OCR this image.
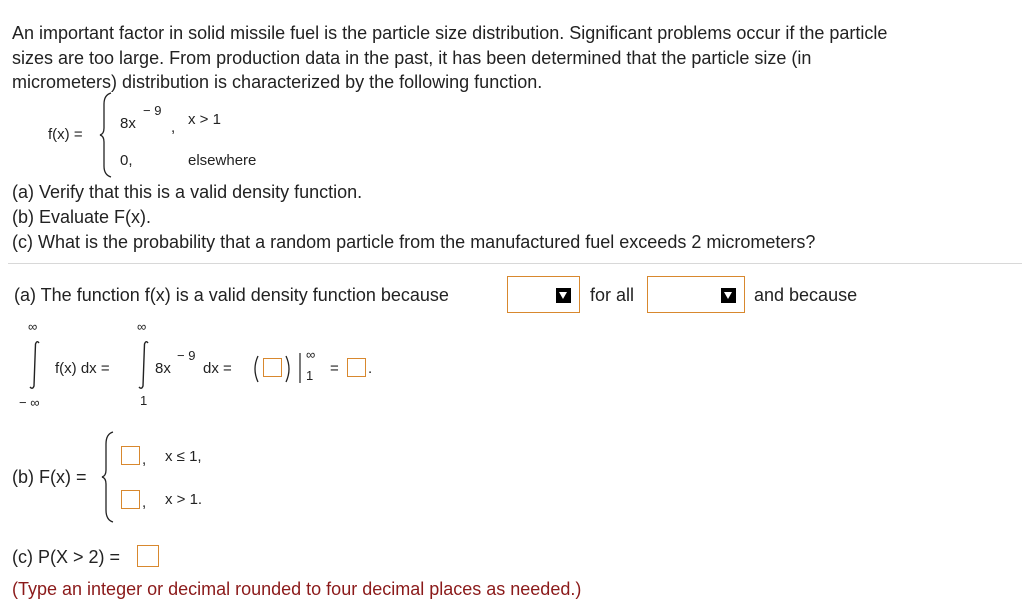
An important factor in solid missile fuel is the particle size distribution. Significant problems occur if the particle
sizes are too large. From production data in the past, it has been determined that the particle size (in
micrometers) distribution is characterized by the following function.
f(x) =
8x
− 9
, x > 1
0,	elsewhere
(a) Verify that this is a valid density function.
(b) Evaluate F(x).
(c) What is the probability that a random particle from the manufactured fuel exceeds 2 micrometers?
(a) The function f(x) is a valid density function because	for all	and because
∞
− ∞
f(x) dx =
∞
1
8x
− 9
dx =
∞
1 = .
(b) F(x) =
, x ≤ 1,
, x > 1.
(c) P(X > 2) =
(Type an integer or decimal rounded to four decimal places as needed.)
